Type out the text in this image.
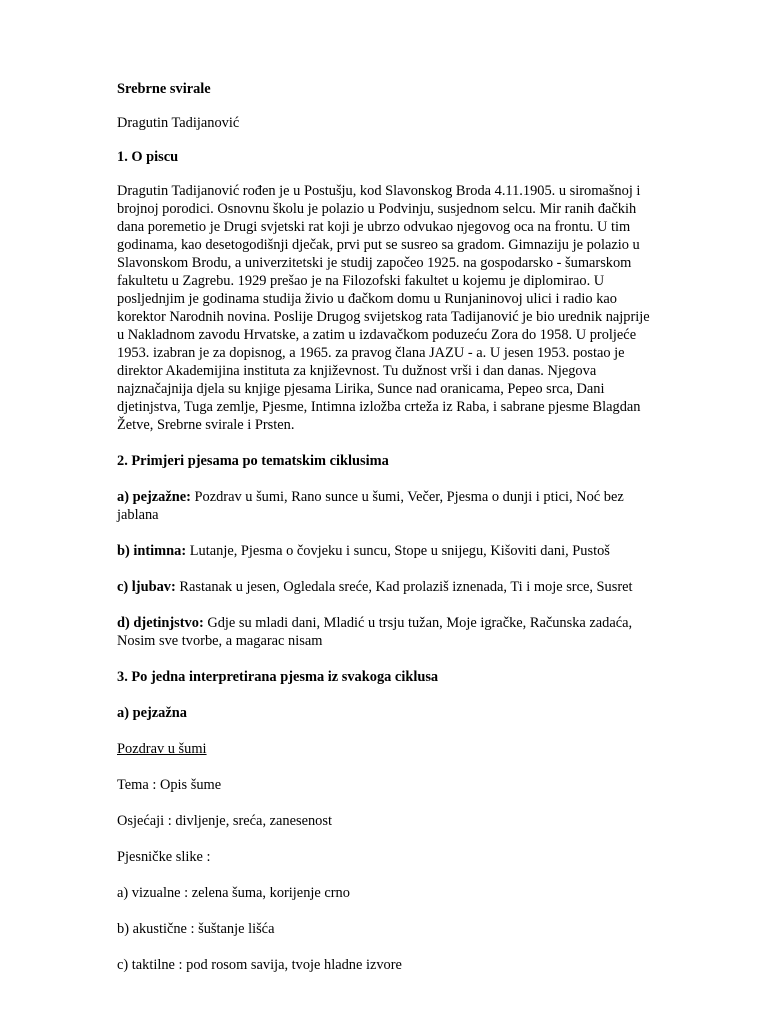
Srebrne svirale

Dragutin Tadijanović

1. O piscu

Dragutin Tadijanović rođen je u Postušju, kod Slavonskog Broda 4.11.1905. u siromašnoj i brojnoj porodici. Osnovnu školu je polazio u Podvinju, susjednom selcu. Mir ranih đačkih dana poremetio je Drugi svjetski rat koji je ubrzo odvukao njegovog oca na frontu. U tim godinama, kao desetogodišnji dječak, prvi put se susreo sa gradom. Gimnaziju je polazio u Slavonskom Brodu, a univerzitetski je studij započeo 1925. na gospodarsko - šumarskom fakultetu u Zagrebu. 1929 prešao je na Filozofski fakultet u kojemu je diplomirao. U posljednjim je godinama studija živio u đačkom domu u Runjaninovoj ulici i radio kao korektor Narodnih novina. Poslije Drugog svijetskog rata Tadijanović je bio urednik najprije u Nakladnom zavodu Hrvatske, a zatim u izdavačkom poduzeću Zora do 1958. U proljeće 1953. izabran je za dopisnog, a 1965. za pravog člana JAZU - a. U jesen 1953. postao je direktor Akademijina instituta za književnost. Tu dužnost vrši i dan danas. Njegova najznačajnija djela su knjige pjesama Lirika, Sunce nad oranicama, Pepeo srca, Dani djetinjstva, Tuga zemlje, Pjesme, Intimna izložba crteža iz Raba, i sabrane pjesme Blagdan Žetve, Srebrne svirale i Prsten.

2. Primjeri pjesama po tematskim ciklusima

a) pejzažne: Pozdrav u šumi, Rano sunce u šumi, Večer, Pjesma o dunji i ptici, Noć bez jablana

b) intimna: Lutanje, Pjesma o čovjeku i suncu, Stope u snijegu, Kišoviti dani, Pustoš

c) ljubav: Rastanak u jesen, Ogledala sreće, Kad prolaziš iznenada, Ti i moje srce, Susret

d) djetinjstvo: Gdje su mladi dani, Mladić u trsju tužan, Moje igračke, Računska zadaća, Nosim sve tvorbe, a magarac nisam

3. Po jedna interpretirana pjesma iz svakoga ciklusa

a) pejzažna

Pozdrav u šumi

Tema : Opis šume

Osjećaji : divljenje, sreća, zanesenost

Pjesničke slike :

a) vizualne : zelena šuma, korijenje crno

b) akustične : šuštanje lišća

c) taktilne : pod rosom savija, tvoje hladne izvore
